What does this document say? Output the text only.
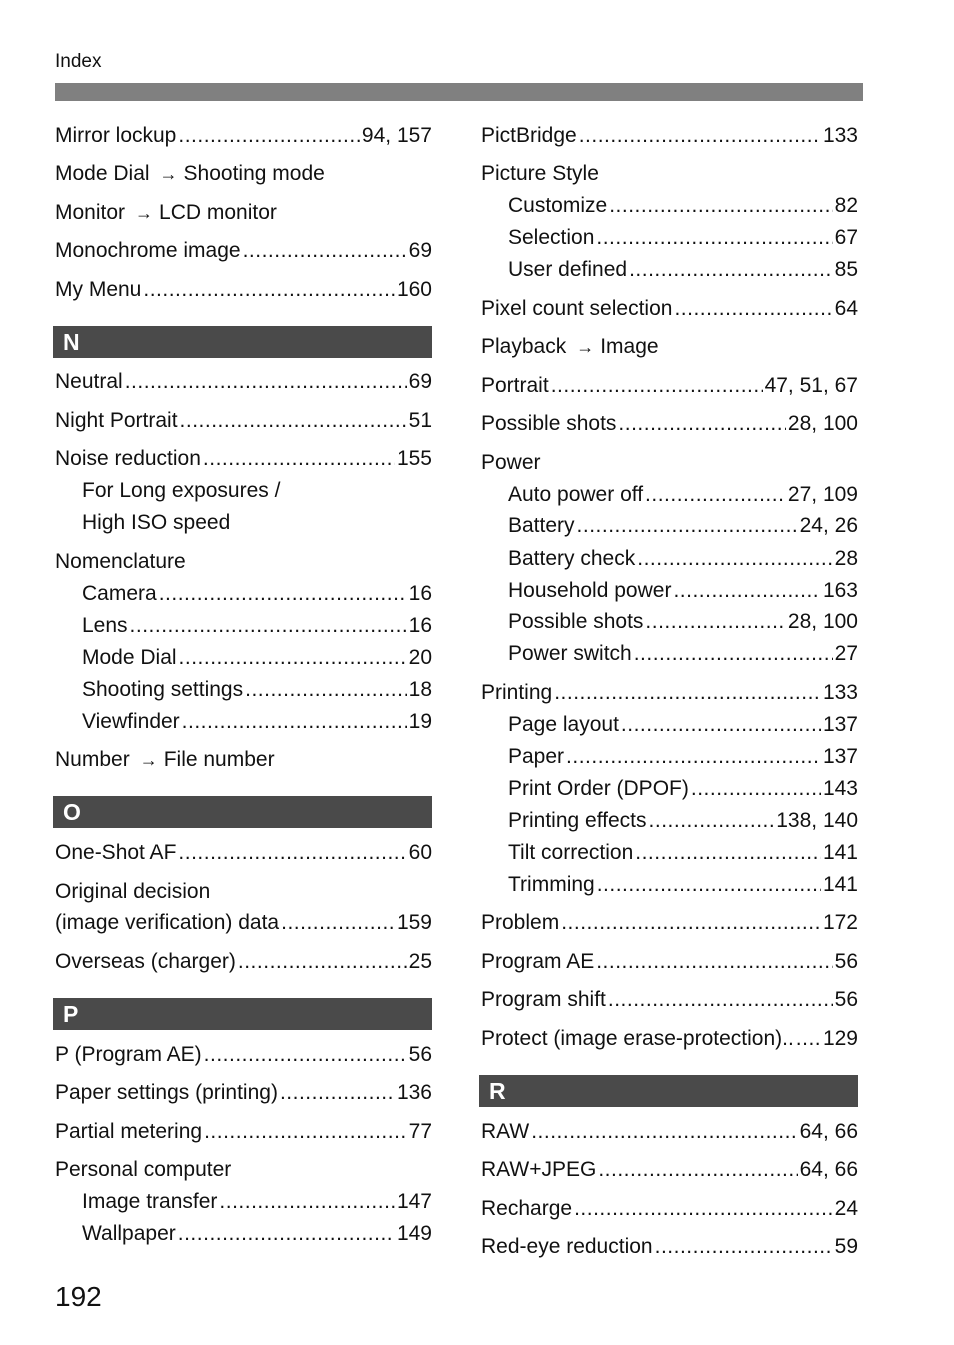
Index
Mirror lockup .....	94, 157
Mode Dial → Shooting mode
Monitor → LCD monitor
Monochrome image .....	69
My Menu .....	160
N
Neutral .....	69
Night Portrait .....	51
Noise reduction .....	155
For Long exposures /
High ISO speed
Nomenclature
Camera .....	16
Lens .....	16
Mode Dial .....	20
Shooting settings .....	18
Viewfinder .....	19
Number → File number
O
One-Shot AF .....	60
Original decision
(image verification) data .....	159
Overseas (charger) .....	25
P
P (Program AE) .....	56
Paper settings (printing) .....	136
Partial metering .....	77
Personal computer
Image transfer .....	147
Wallpaper .....	149
PictBridge .....	133
Picture Style
Customize .....	82
Selection .....	67
User defined .....	85
Pixel count selection .....	64
Playback → Image
Portrait .....	47, 51, 67
Possible shots .....	28, 100
Power
Auto power off .....	27, 109
Battery .....	24, 26
Battery check .....	28
Household power .....	163
Possible shots .....	28, 100
Power switch .....	27
Printing .....	133
Page layout .....	137
Paper .....	137
Print Order (DPOF) .....	143
Printing effects .....	138, 140
Tilt correction .....	141
Trimming .....	141
Problem .....	172
Program AE .....	56
Program shift .....	56
Protect (image erase-protection).. ..... 129
R
RAW .....	64, 66
RAW+JPEG .....	64, 66
Recharge .....	24
Red-eye reduction .....	59
192
